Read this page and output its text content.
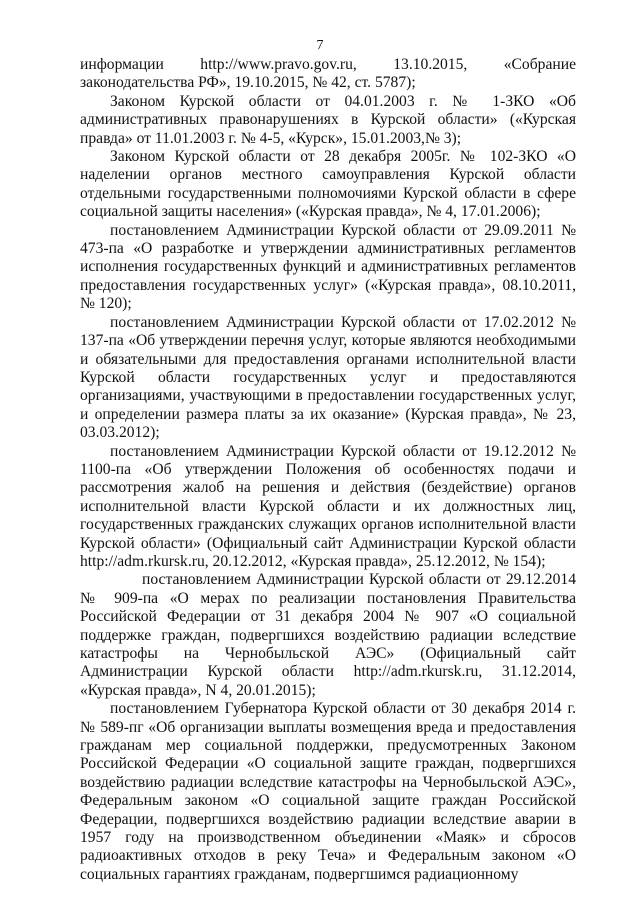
7

информации http://www.pravo.gov.ru, 13.10.2015, «Собрание законодательства РФ», 19.10.2015, № 42, ст. 5787);

Законом Курской области от 04.01.2003 г. № 1-ЗКО «Об административных правонарушениях в Курской области» («Курская правда» от 11.01.2003 г. № 4-5, «Курск», 15.01.2003,№ 3);

Законом Курской области от 28 декабря 2005г. № 102-ЗКО «О наделении органов местного самоуправления Курской области отдельными государственными полномочиями Курской области в сфере социальной защиты населения» («Курская правда», № 4, 17.01.2006);

постановлением Администрации Курской области от 29.09.2011 № 473-па «О разработке и утверждении административных регламентов исполнения государственных функций и административных регламентов предоставления государственных услуг» («Курская правда», 08.10.2011, № 120);

постановлением Администрации Курской области от 17.02.2012 № 137-па «Об утверждении перечня услуг, которые являются необходимыми и обязательными для предоставления органами исполнительной власти Курской области государственных услуг и предоставляются организациями, участвующими в предоставлении государственных услуг, и определении размера платы за их оказание» (Курская правда», № 23, 03.03.2012);

постановлением Администрации Курской области от 19.12.2012 № 1100-па «Об утверждении Положения об особенностях подачи и рассмотрения жалоб на решения и действия (бездействие) органов исполнительной власти Курской области и их должностных лиц, государственных гражданских служащих органов исполнительной власти Курской области» (Официальный сайт Администрации Курской области http://adm.rkursk.ru, 20.12.2012, «Курская правда», 25.12.2012, № 154);

постановлением Администрации Курской области от 29.12.2014 № 909-па «О мерах по реализации постановления Правительства Российской Федерации от 31 декабря 2004 № 907 «О социальной поддержке граждан, подвергшихся воздействию радиации вследствие катастрофы на Чернобыльской АЭС» (Официальный сайт Администрации Курской области http://adm.rkursk.ru, 31.12.2014, «Курская правда», N 4, 20.01.2015);

постановлением Губернатора Курской области от 30 декабря 2014 г. № 589-пг «Об организации выплаты возмещения вреда и предоставления гражданам мер социальной поддержки, предусмотренных Законом Российской Федерации «О социальной защите граждан, подвергшихся воздействию радиации вследствие катастрофы на Чернобыльской АЭС», Федеральным законом «О социальной защите граждан Российской Федерации, подвергшихся воздействию радиации вследствие аварии в 1957 году на производственном объединении «Маяк» и сбросов радиоактивных отходов в реку Теча» и Федеральным законом «О социальных гарантиях гражданам, подвергшимся радиационному
